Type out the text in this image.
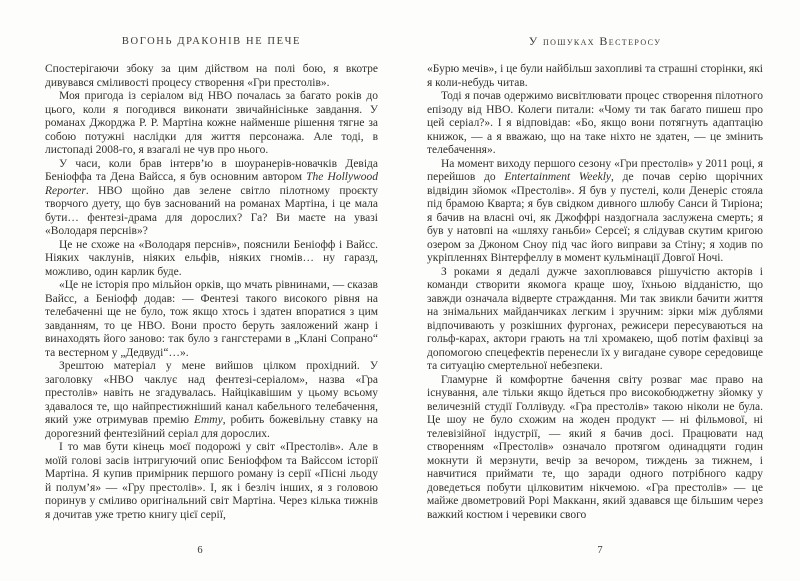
ВОГОНЬ ДРАКОНІВ НЕ ПЕЧЕ

Спостерігаючи збоку за цим дійством на полі бою, я вкотре дивувався сміливості процесу створення «Гри престолів».

Моя пригода із серіалом від НВО почалась за багато років до цього, коли я погодився виконати звичайнісіньке завдання. У романах Джорджа Р. Р. Мартіна кожне найменше рішення тягне за собою потужні наслідки для життя персонажа. Але тоді, в листопаді 2008-го, я взагалі не чув про нього.

У часи, коли брав інтерв’ю в шоуранерів-новачків Девіда Беніоффа та Дена Вайсса, я був основним автором The Hollywood Reporter. НВО щойно дав зелене світло пілотному проєкту творчого дуету, що був заснований на романах Мартіна, і це мала бути… фентезі-драма для дорослих? Га? Ви маєте на увазі «Володаря перснів»?

Це не схоже на «Володаря перснів», пояснили Беніофф і Вайсс. Ніяких чаклунів, ніяких ельфів, ніяких гномів… ну гаразд, можливо, один карлик буде.

«Це не історія про мільйон орків, що мчать рівнинами, — сказав Вайсс, а Беніофф додав: — Фентезі такого високого рівня на телебаченні ще не було, тож якщо хтось і здатен впоратися з цим завданням, то це НВО. Вони просто беруть заяложений жанр і винаходять його заново: так було з гангстерами в „Клані Сопрано“ та вестерном у „Дедвуді“…».

Зрештою матеріал у мене вийшов цілком прохідний. У заголовку «НВО чаклує над фентезі-серіалом», назва «Гра престолів» навіть не згадувалась. Найцікавішим у цьому всьому здавалося те, що найпрестижніший канал кабельного телебачення, який уже отримував премію Emmy, робить божевільну ставку на дорогезний фентезійний серіал для дорослих.

І то мав бути кінець моєї подорожі у світ «Престолів». Але в моїй голові засів інтригуючий опис Беніоффом та Вайссом історії Мартіна. Я купив примірник першого роману із серії «Пісні льоду й полум’я» — «Гру престолів». І, як і безліч інших, я з головою поринув у сміливо оригінальний світ Мартіна. Через кілька тижнів я дочитав уже третю книгу цієї серії,

6
У пошуках Вестеросу

«Бурю мечів», і це були найбільш захопливі та страшні сторінки, які я коли-небудь читав.

Тоді я почав одержимо висвітлювати процес створення пілотного епізоду від НВО. Колеги питали: «Чому ти так багато пишеш про цей серіал?». І я відповідав: «Бо, якщо вони потягнуть адаптацію книжок, — а я вважаю, що на таке ніхто не здатен, — це змінить телебачення».

На момент виходу першого сезону «Гри престолів» у 2011 році, я перейшов до Entertainment Weekly, де почав серію щорічних відвідин зйомок «Престолів». Я був у пустелі, коли Денеріс стояла під брамою Кварта; я був свідком дивного шлюбу Санси й Тиріона; я бачив на власні очі, як Джоффрі наздогнала заслужена смерть; я був у натовпі на «шляху ганьби» Серсеї; я слідував скутим кригою озером за Джоном Сноу під час його виправи за Стіну; я ходив по укріпленнях Вінтерфеллу в момент кульмінації Довгої Ночі.

З роками я дедалі дужче захоплювався рішучістю акторів і команди створити якомога краще шоу, їхньою відданістю, що завжди означала відверте страждання. Ми так звикли бачити життя на знімальних майданчиках легким і зручним: зірки між дублями відпочивають у розкішних фургонах, режисери пересуваються на гольф-карах, актори грають на тлі хромакею, щоб потім фахівці за допомогою спецефектів перенесли їх у вигадане суворе середовище та ситуацію смертельної небезпеки.

Гламурне й комфортне бачення світу розваг має право на існування, але тільки якщо йдеться про високобюджетну зйомку у величезній студії Голлівуду. «Гра престолів» такою ніколи не була. Це шоу не було схожим на жоден продукт — ні фільмової, ні телевізійної індустрії, — який я бачив досі. Працювати над створенням «Престолів» означало протягом одинадцяти годин мокнути й мерзнути, вечір за вечором, тиждень за тижнем, і навчитися приймати те, що заради одного потрібного кадру доведеться побути цілковитим нікчемою. «Гра престолів» — це майже двометровий Рорі Макканн, який здавався ще більшим через важкий костюм і черевики свого

7
